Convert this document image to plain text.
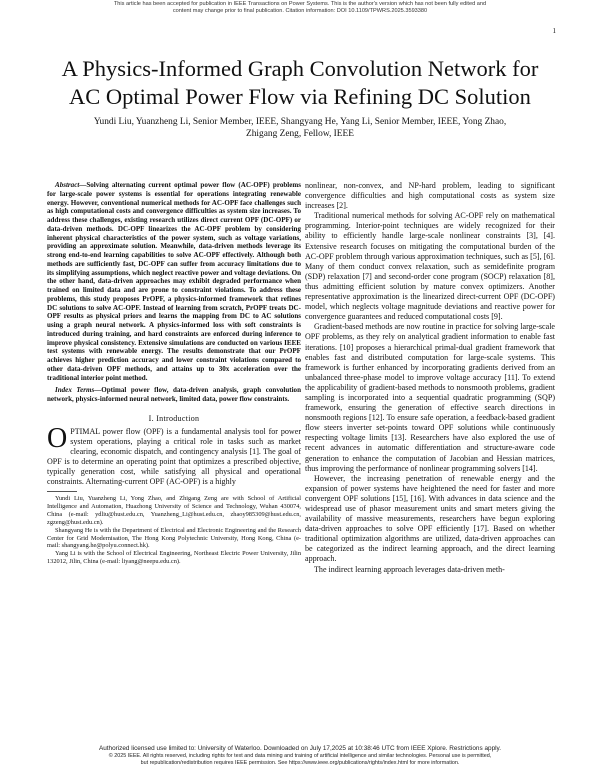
This article has been accepted for publication in IEEE Transactions on Power Systems. This is the author's version which has not been fully edited and content may change prior to final publication. Citation information: DOI 10.1109/TPWRS.2025.3593380
1
A Physics-Informed Graph Convolution Network for
AC Optimal Power Flow via Refining DC Solution
Yundi Liu, Yuanzheng Li, Senior Member, IEEE, Shangyang He, Yang Li, Senior Member, IEEE, Yong Zhao,
Zhigang Zeng, Fellow, IEEE

Abstract—Solving alternating current optimal power flow (AC-OPF) problems for large-scale power systems is essential for operations integrating renewable energy. However, conventional numerical methods for AC-OPF face challenges such as high computational costs and convergence difficulties as system size increases. To address these challenges, existing research utilizes direct current OPF (DC-OPF) or data-driven methods. DC-OPF linearizes the AC-OPF problem by considering inherent physical characteristics of the power system, such as voltage variations, providing an approximate solution. Meanwhile, data-driven methods leverage its strong end-to-end learning capabilities to solve AC-OPF effectively. Although both methods are sufficiently fast, DC-OPF can suffer from accuracy limitations due to its simplifying assumptions, which neglect reactive power and voltage deviations. On the other hand, data-driven approaches may exhibit degraded performance when trained on limited data and are prone to constraint violations. To address these problems, this study proposes PrOPF, a physics-informed framework that refines DC solutions to solve AC-OPF. Instead of learning from scratch, PrOPF treats DC-OPF results as physical priors and learns the mapping from DC to AC solutions using a graph neural network. A physics-informed loss with soft constraints is introduced during training, and hard constraints are enforced during inference to improve physical consistency. Extensive simulations are conducted on various IEEE test systems with renewable energy. The results demonstrate that our PrOPF achieves higher prediction accuracy and lower constraint violations compared to other data-driven OPF methods, and attains up to 30x acceleration over the traditional interior point method.

Index Terms—Optimal power flow, data-driven analysis, graph convolution network, physics-informed neural network, limited data, power flow constraints.

I. Introduction

OPTIMAL power flow (OPF) is a fundamental analysis tool for power system operations, playing a critical role in tasks such as market clearing, economic dispatch, and contingency analysis [1]. The goal of OPF is to determine an operating point that optimizes a prescribed objective, typically generation cost, while satisfying all physical and operational constraints. Alternating-current OPF (AC-OPF) is a highly

Yundi Liu, Yuanzheng Li, Yong Zhao, and Zhigang Zeng are with School of Artificial Intelligence and Automation, Huazhong University of Science and Technology, Wuhan 430074, China (e-mail: ydliu@hust.edu.cn, Yuanzheng_Li@hust.edu.cn, zhaoy985309@hust.edu.cn, zgzeng@hust.edu.cn).

Shangyang He is with the Department of Electrical and Electronic Engineering and the Research Center for Grid Modernisation, The Hong Kong Polytechnic University, Hong Kong, China (e-mail: shangyang.he@polyu.connect.hk).

Yang Li is with the School of Electrical Engineering, Northeast Electric Power University, Jilin 132012, Jilin, China (e-mail: liyang@neepu.edu.cn).

nonlinear, non-convex, and NP-hard problem, leading to significant convergence difficulties and high computational costs as system size increases [2].

Traditional numerical methods for solving AC-OPF rely on mathematical programming. Interior-point techniques are widely recognized for their ability to efficiently handle large-scale nonlinear constraints [3], [4]. Extensive research focuses on mitigating the computational burden of the AC-OPF problem through various approximation techniques, such as [5], [6]. Many of them conduct convex relaxation, such as semidefinite program (SDP) relaxation [7] and second-order cone program (SOCP) relaxation [8], thus admitting efficient solution by mature convex optimizers. Another representative approximation is the linearized direct-current OPF (DC-OPF) model, which neglects voltage magnitude deviations and reactive power for convergence guarantees and reduced computational costs [9].

Gradient-based methods are now routine in practice for solving large-scale OPF problems, as they rely on analytical gradient information to enable fast iterations. [10] proposes a hierarchical primal-dual gradient framework that enables fast and distributed computation for large-scale systems. This framework is further enhanced by incorporating gradients derived from an unbalanced three-phase model to improve voltage accuracy [11]. To extend the applicability of gradient-based methods to nonsmooth problems, gradient sampling is incorporated into a sequential quadratic programming (SQP) framework, ensuring the generation of effective search directions in nonsmooth regions [12]. To ensure safe operation, a feedback-based gradient flow steers inverter set-points toward OPF solutions while continuously respecting voltage limits [13]. Researchers have also explored the use of recent advances in automatic differentiation and structure-aware code generation to enhance the computation of Jacobian and Hessian matrices, thus improving the performance of nonlinear programming solvers [14].

However, the increasing penetration of renewable energy and the expansion of power systems have heightened the need for faster and more convergent OPF solutions [15], [16]. With advances in data science and the widespread use of phasor measurement units and smart meters giving the availability of massive measurements, researchers have begun exploring data-driven approaches to solve OPF efficiently [17]. Based on whether traditional optimization algorithms are utilized, data-driven approaches can be categorized as the indirect learning approach, and the direct learning approach.

The indirect learning approach leverages data-driven meth-

Authorized licensed use limited to: University of Waterloo. Downloaded on July 17,2025 at 10:38:46 UTC from IEEE Xplore. Restrictions apply.
© 2025 IEEE. All rights reserved, including rights for text and data mining and training of artificial intelligence and similar technologies. Personal use is permitted,
but republication/redistribution requires IEEE permission. See https://www.ieee.org/publications/rights/index.html for more information.
